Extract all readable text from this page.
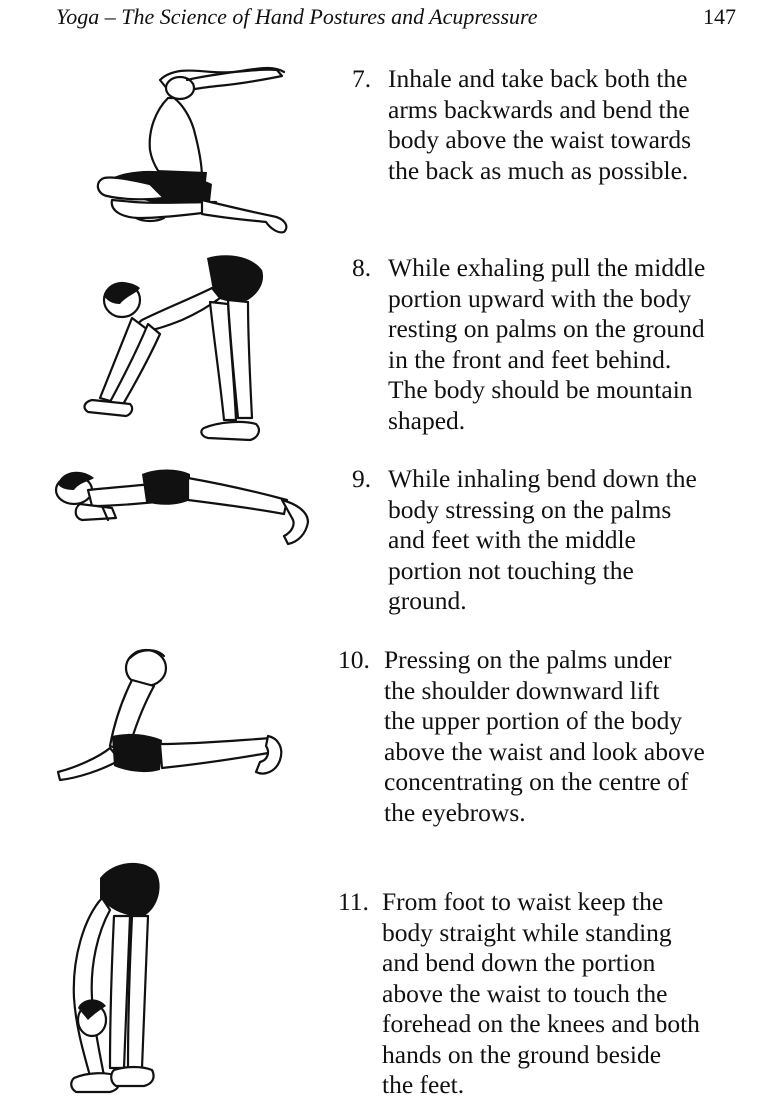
Yoga – The Science of Hand Postures and Acupressure	147
7. Inhale and take back both the
arms backwards and bend the
body above the waist towards
the back as much as possible.
8. While exhaling pull the middle
portion upward with the body
resting on palms on the ground
in the front and feet behind.
The body should be mountain
shaped.
9. While inhaling bend down the
body stressing on the palms
and feet with the middle
portion not touching the
ground.
10. Pressing on the palms under
the shoulder downward lift
the upper portion of the body
above the waist and look above
concentrating on the centre of
the eyebrows.
11. From foot to waist keep the
body straight while standing
and bend down the portion
above the waist to touch the
forehead on the knees and both
hands on the ground beside
the feet.
